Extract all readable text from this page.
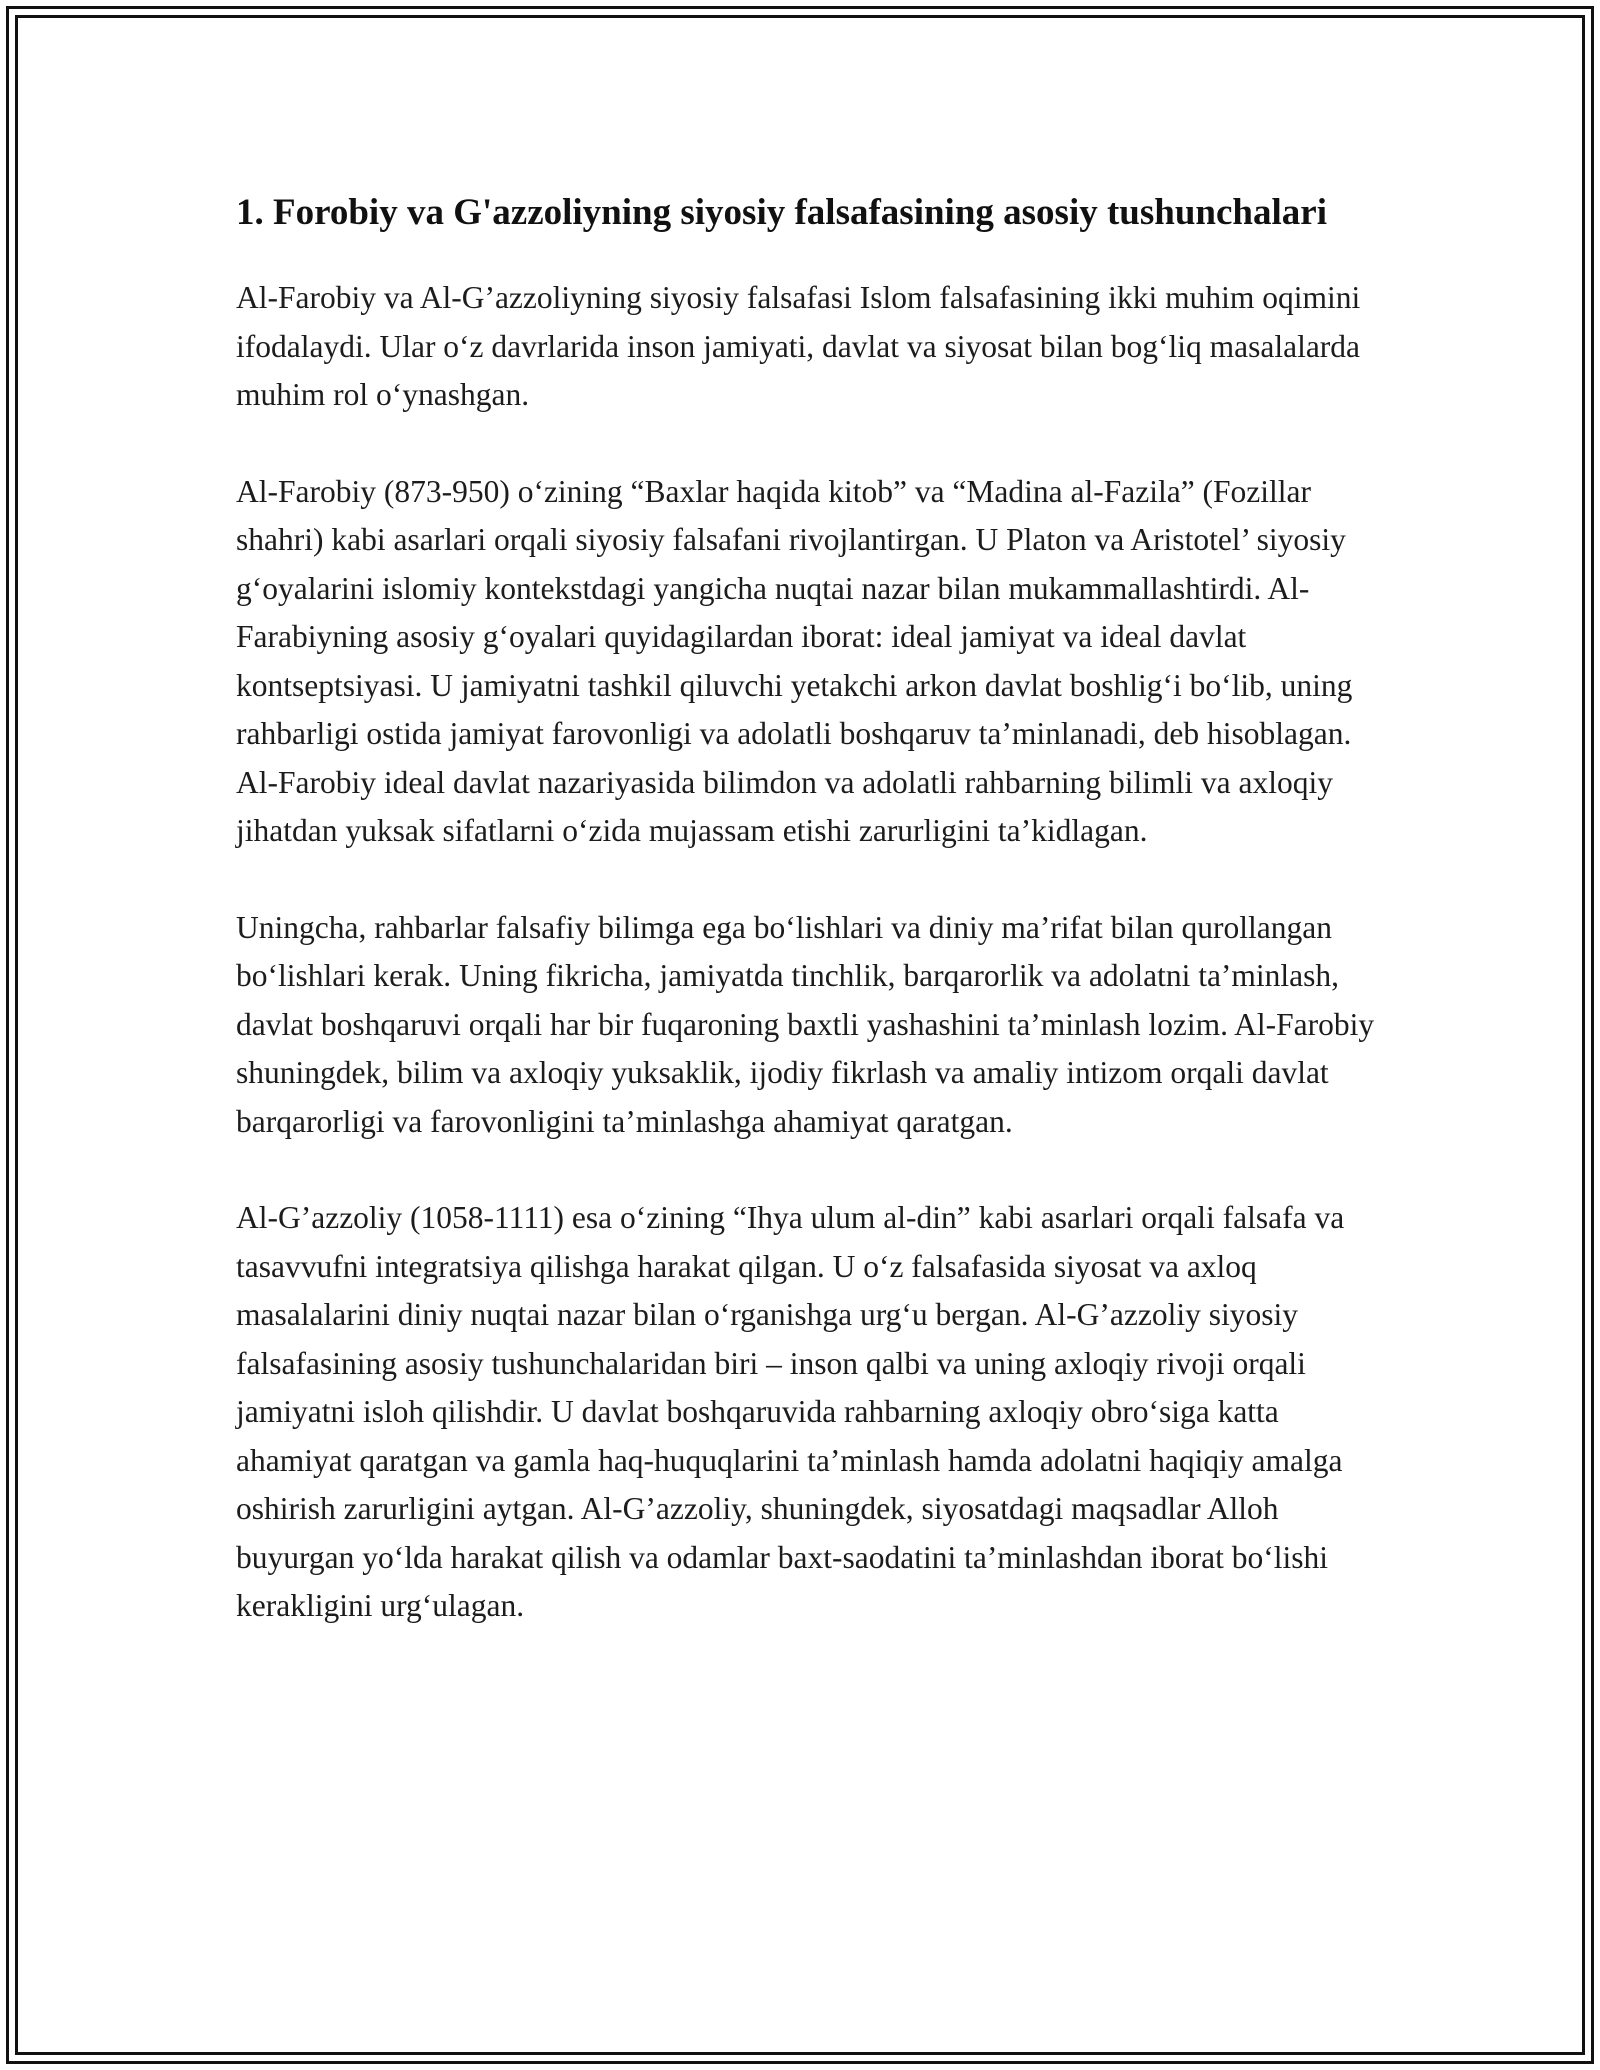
1. Forobiy va G'azzoliyning siyosiy falsafasining asosiy tushunchalari

Al-Farobiy va Al-G’azzoliyning siyosiy falsafasi Islom falsafasining ikki muhim oqimini ifodalaydi. Ular o‘z davrlarida inson jamiyati, davlat va siyosat bilan bog‘liq masalalarda muhim rol o‘ynashgan.

Al-Farobiy (873-950) o‘zining “Baxlar haqida kitob” va “Madina al-Fazila” (Fozillar shahri) kabi asarlari orqali siyosiy falsafani rivojlantirgan. U Platon va Aristotel’ siyosiy g‘oyalarini islomiy kontekstdagi yangicha nuqtai nazar bilan mukammallashtirdi. Al-Farabiyning asosiy g‘oyalari quyidagilardan iborat: ideal jamiyat va ideal davlat kontseptsiyasi. U jamiyatni tashkil qiluvchi yetakchi arkon davlat boshlig‘i bo‘lib, uning rahbarligi ostida jamiyat farovonligi va adolatli boshqaruv ta’minlanadi, deb hisoblagan. Al-Farobiy ideal davlat nazariyasida bilimdon va adolatli rahbarning bilimli va axloqiy jihatdan yuksak sifatlarni o‘zida mujassam etishi zarurligini ta’kidlagan.

Uningcha, rahbarlar falsafiy bilimga ega bo‘lishlari va diniy ma’rifat bilan qurollangan bo‘lishlari kerak. Uning fikricha, jamiyatda tinchlik, barqarorlik va adolatni ta’minlash, davlat boshqaruvi orqali har bir fuqaroning baxtli yashashini ta’minlash lozim. Al-Farobiy shuningdek, bilim va axloqiy yuksaklik, ijodiy fikrlash va amaliy intizom orqali davlat barqarorligi va farovonligini ta’minlashga ahamiyat qaratgan.

Al-G’azzoliy (1058-1111) esa o‘zining “Ihya ulum al-din” kabi asarlari orqali falsafa va tasavvufni integratsiya qilishga harakat qilgan. U o‘z falsafasida siyosat va axloq masalalarini diniy nuqtai nazar bilan o‘rganishga urg‘u bergan. Al-G’azzoliy siyosiy falsafasining asosiy tushunchalaridan biri – inson qalbi va uning axloqiy rivoji orqali jamiyatni isloh qilishdir. U davlat boshqaruvida rahbarning axloqiy obro‘siga katta ahamiyat qaratgan va gamla haq-huquqlarini ta’minlash hamda adolatni haqiqiy amalga oshirish zarurligini aytgan. Al-G’azzoliy, shuningdek, siyosatdagi maqsadlar Alloh buyurgan yo‘lda harakat qilish va odamlar baxt-saodatini ta’minlashdan iborat bo‘lishi kerakligini urg‘ulagan.
